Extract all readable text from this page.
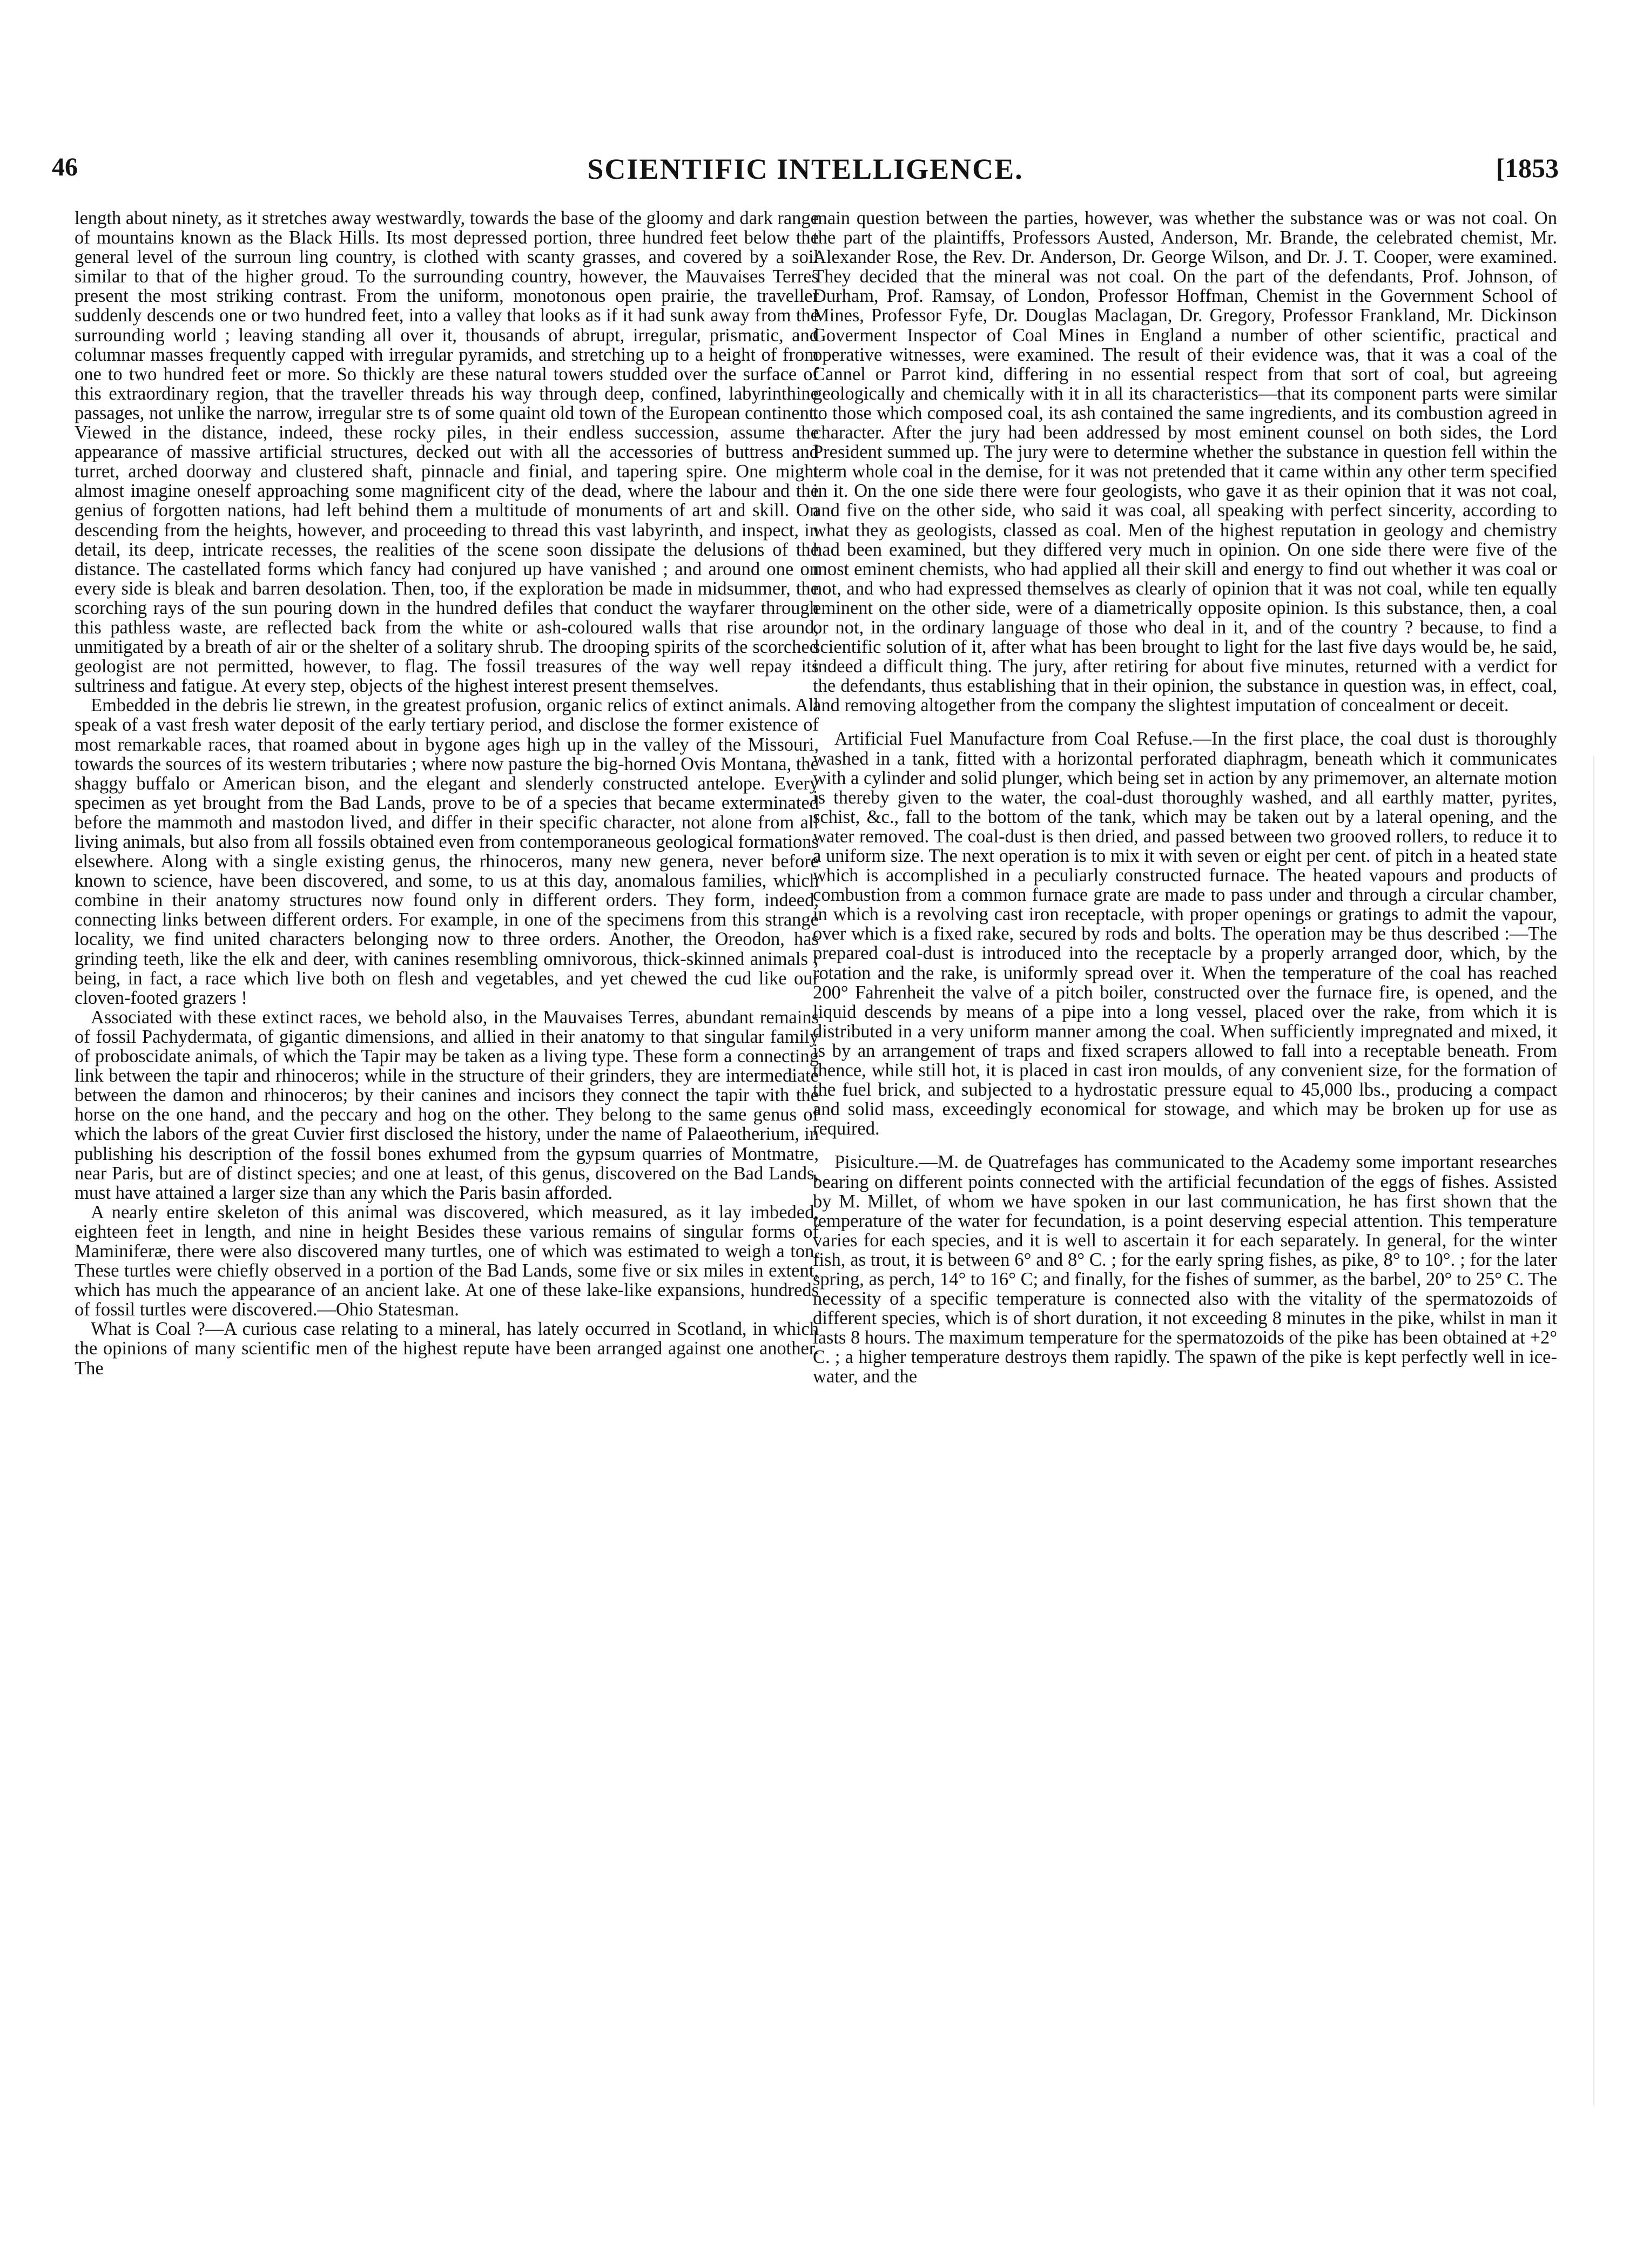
46	SCIENTIFIC INTELLIGENCE.	[1853

length about ninety, as it stretches away westwardly, towards the base of the gloomy and dark range of mountains known as the Black Hills. Its most depressed portion, three hundred feet below the general level of the surroun ling country, is clothed with scanty grasses, and covered by a soil similar to that of the higher groud. To the surrounding country, however, the Mauvaises Terres present the most striking contrast. From the uniform, monotonous open prairie, the traveller suddenly descends one or two hundred feet, into a valley that looks as if it had sunk away from the surrounding world ; leaving standing all over it, thousands of abrupt, irregular, prismatic, and columnar masses frequently capped with irregular pyramids, and stretching up to a height of from one to two hundred feet or more. So thickly are these natural towers studded over the surface of this extraordinary region, that the traveller threads his way through deep, confined, labyrinthine passages, not unlike the narrow, irregular stre ts of some quaint old town of the European continent. Viewed in the distance, indeed, these rocky piles, in their endless succession, assume the appearance of massive artificial structures, decked out with all the accessories of buttress and turret, arched doorway and clustered shaft, pinnacle and finial, and tapering spire. One might almost imagine oneself approaching some magnificent city of the dead, where the labour and the genius of forgotten nations, had left behind them a multitude of monuments of art and skill. On descending from the heights, however, and proceeding to thread this vast labyrinth, and inspect, in detail, its deep, intricate recesses, the realities of the scene soon dissipate the delusions of the distance. The castellated forms which fancy had conjured up have vanished ; and around one on every side is bleak and barren desolation. Then, too, if the exploration be made in midsummer, the scorching rays of the sun pouring down in the hundred defiles that conduct the wayfarer through this pathless waste, are reflected back from the white or ash-coloured walls that rise around, unmitigated by a breath of air or the shelter of a solitary shrub. The drooping spirits of the scorched geologist are not permitted, however, to flag. The fossil treasures of the way well repay its sultriness and fatigue. At every step, objects of the highest interest present themselves.

Embedded in the debris lie strewn, in the greatest profusion, organic relics of extinct animals. All speak of a vast fresh water deposit of the early tertiary period, and disclose the former existence of most remarkable races, that roamed about in bygone ages high up in the valley of the Missouri, towards the sources of its western tributaries ; where now pasture the big-horned Ovis Montana, the shaggy buffalo or American bison, and the elegant and slenderly constructed antelope. Every specimen as yet brought from the Bad Lands, prove to be of a species that became exterminated before the mammoth and mastodon lived, and differ in their specific character, not alone from all living animals, but also from all fossils obtained even from contemporaneous geological formations elsewhere. Along with a single existing genus, the rhinoceros, many new genera, never before known to science, have been discovered, and some, to us at this day, anomalous families, which combine in their anatomy structures now found only in different orders. They form, indeed, connecting links between different orders. For example, in one of the specimens from this strange locality, we find united characters belonging now to three orders. Another, the Oreodon, has grinding teeth, like the elk and deer, with canines resembling omnivorous, thick-skinned animals ; being, in fact, a race which live both on flesh and vegetables, and yet chewed the cud like our cloven-footed grazers !

Associated with these extinct races, we behold also, in the Mauvaises Terres, abundant remains of fossil Pachydermata, of gigantic dimensions, and allied in their anatomy to that singular family of proboscidate animals, of which the Tapir may be taken as a living type. These form a connecting link between the tapir and rhinoceros; while in the structure of their grinders, they are intermediate between the damon and rhinoceros; by their canines and incisors they connect the tapir with the horse on the one hand, and the peccary and hog on the other. They belong to the same genus of which the labors of the great Cuvier first disclosed the history, under the name of Palaeotherium, in publishing his description of the fossil bones exhumed from the gypsum quarries of Montmatre, near Paris, but are of distinct species; and one at least, of this genus, discovered on the Bad Lands, must have attained a larger size than any which the Paris basin afforded.

A nearly entire skeleton of this animal was discovered, which measured, as it lay imbeded, eighteen feet in length, and nine in height Besides these various remains of singular forms of Maminiferæ, there were also discovered many turtles, one of which was estimated to weigh a ton. These turtles were chiefly observed in a portion of the Bad Lands, some five or six miles in extent, which has much the appearance of an ancient lake. At one of these lake-like expansions, hundreds of fossil turtles were discovered.—Ohio Statesman.

What is Coal ?—A curious case relating to a mineral, has lately occurred in Scotland, in which the opinions of many scientific men of the highest repute have been arranged against one another. The

main question between the parties, however, was whether the substance was or was not coal. On the part of the plaintiffs, Professors Austed, Anderson, Mr. Brande, the celebrated chemist, Mr. Alexander Rose, the Rev. Dr. Anderson, Dr. George Wilson, and Dr. J. T. Cooper, were examined. They decided that the mineral was not coal. On the part of the defendants, Prof. Johnson, of Durham, Prof. Ramsay, of London, Professor Hoffman, Chemist in the Government School of Mines, Professor Fyfe, Dr. Douglas Maclagan, Dr. Gregory, Professor Frankland, Mr. Dickinson Goverment Inspector of Coal Mines in England a number of other scientific, practical and operative witnesses, were examined. The result of their evidence was, that it was a coal of the Cannel or Parrot kind, differing in no essential respect from that sort of coal, but agreeing geologically and chemically with it in all its characteristics—that its component parts were similar to those which composed coal, its ash contained the same ingredients, and its combustion agreed in character. After the jury had been addressed by most eminent counsel on both sides, the Lord President summed up. The jury were to determine whether the substance in question fell within the term whole coal in the demise, for it was not pretended that it came within any other term specified in it. On the one side there were four geologists, who gave it as their opinion that it was not coal, and five on the other side, who said it was coal, all speaking with perfect sincerity, according to what they as geologists, classed as coal. Men of the highest reputation in geology and chemistry had been examined, but they differed very much in opinion. On one side there were five of the most eminent chemists, who had applied all their skill and energy to find out whether it was coal or not, and who had expressed themselves as clearly of opinion that it was not coal, while ten equally eminent on the other side, were of a diametrically opposite opinion. Is this substance, then, a coal or not, in the ordinary language of those who deal in it, and of the country ? because, to find a scientific solution of it, after what has been brought to light for the last five days would be, he said, indeed a difficult thing. The jury, after retiring for about five minutes, returned with a verdict for the defendants, thus establishing that in their opinion, the substance in question was, in effect, coal, and removing altogether from the company the slightest imputation of concealment or deceit.

Artificial Fuel Manufacture from Coal Refuse.—In the first place, the coal dust is thoroughly washed in a tank, fitted with a horizontal perforated diaphragm, beneath which it communicates with a cylinder and solid plunger, which being set in action by any primemover, an alternate motion is thereby given to the water, the coal-dust thoroughly washed, and all earthly matter, pyrites, schist, &c., fall to the bottom of the tank, which may be taken out by a lateral opening, and the water removed. The coal-dust is then dried, and passed between two grooved rollers, to reduce it to a uniform size. The next operation is to mix it with seven or eight per cent. of pitch in a heated state which is accomplished in a peculiarly constructed furnace. The heated vapours and products of combustion from a common furnace grate are made to pass under and through a circular chamber, in which is a revolving cast iron receptacle, with proper openings or gratings to admit the vapour, over which is a fixed rake, secured by rods and bolts. The operation may be thus described :—The prepared coal-dust is introduced into the receptacle by a properly arranged door, which, by the rotation and the rake, is uniformly spread over it. When the temperature of the coal has reached 200° Fahrenheit the valve of a pitch boiler, constructed over the furnace fire, is opened, and the liquid descends by means of a pipe into a long vessel, placed over the rake, from which it is distributed in a very uniform manner among the coal. When sufficiently impregnated and mixed, it is by an arrangement of traps and fixed scrapers allowed to fall into a receptable beneath. From thence, while still hot, it is placed in cast iron moulds, of any convenient size, for the formation of the fuel brick, and subjected to a hydrostatic pressure equal to 45,000 lbs., producing a compact and solid mass, exceedingly economical for stowage, and which may be broken up for use as required.

Pisiculture.—M. de Quatrefages has communicated to the Academy some important researches bearing on different points connected with the artificial fecundation of the eggs of fishes. Assisted by M. Millet, of whom we have spoken in our last communication, he has first shown that the temperature of the water for fecundation, is a point deserving especial attention. This temperature varies for each species, and it is well to ascertain it for each separately. In general, for the winter fish, as trout, it is between 6° and 8° C. ; for the early spring fishes, as pike, 8° to 10°. ; for the later spring, as perch, 14° to 16° C; and finally, for the fishes of summer, as the barbel, 20° to 25° C. The necessity of a specific temperature is connected also with the vitality of the spermatozoids of different species, which is of short duration, it not exceeding 8 minutes in the pike, whilst in man it lasts 8 hours. The maximum temperature for the spermatozoids of the pike has been obtained at +2° C. ; a higher temperature destroys them rapidly. The spawn of the pike is kept perfectly well in ice-water, and the
